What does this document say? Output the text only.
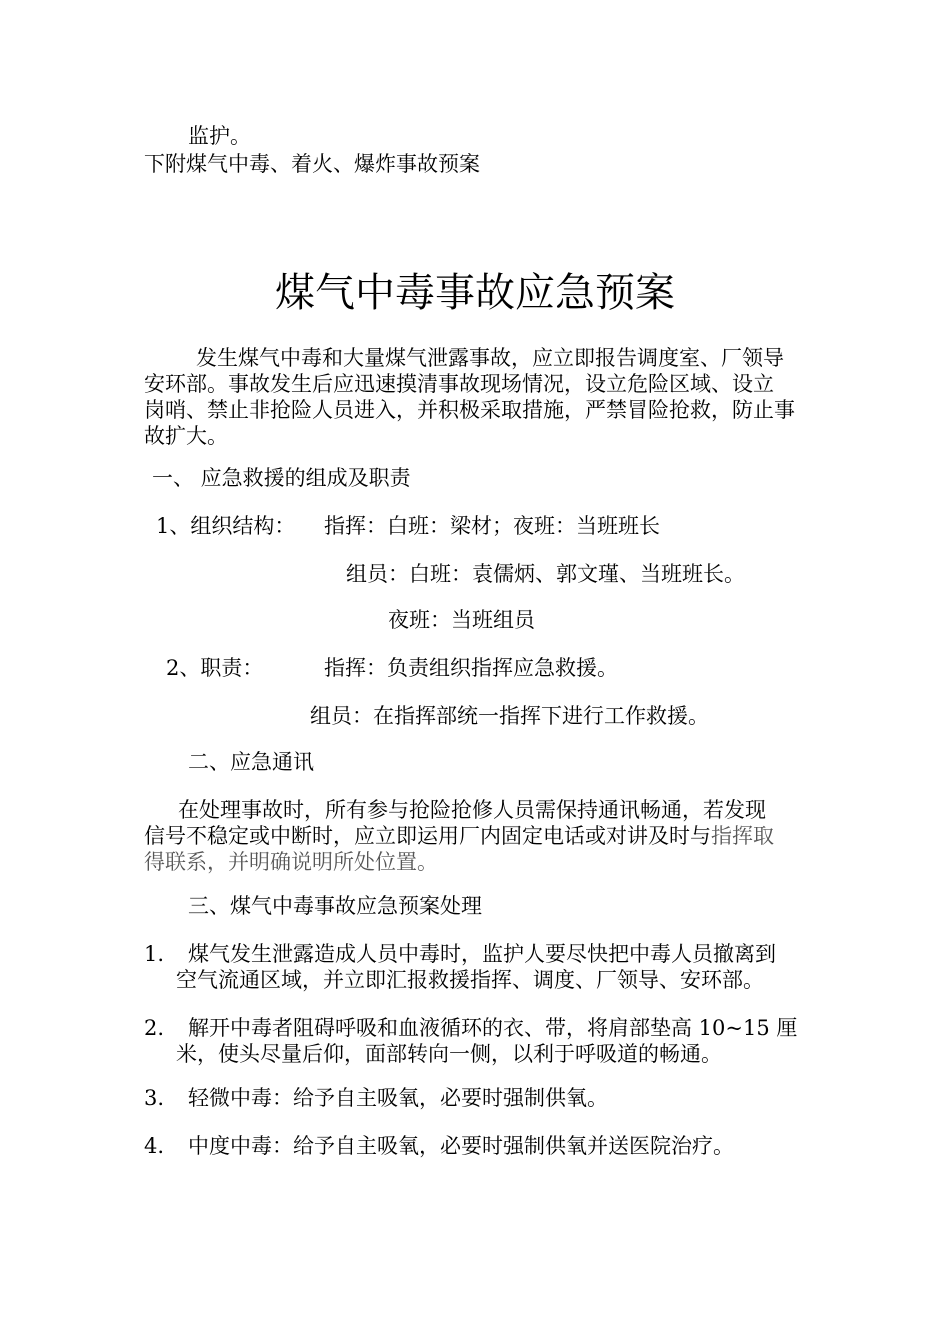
监护。
下附煤气中毒、着火、爆炸事故预案
煤气中毒事故应急预案
发生煤气中毒和大量煤气泄露事故，应立即报告调度室、厂领导
安环部。事故发生后应迅速摸清事故现场情况，设立危险区域、设立
岗哨、禁止非抢险人员进入，并积极采取措施，严禁冒险抢救，防止事
故扩大。
一、 应急救援的组成及职责
1、组织结构： 指挥：白班：梁材；夜班：当班班长
组员：白班：袁儒炳、郭文瑾、当班班长。
夜班：当班组员
2、职责：	指挥：负责组织指挥应急救援。
组员：在指挥部统一指挥下进行工作救援。
二、应急通讯
在处理事故时，所有参与抢险抢修人员需保持通讯畅通，若发现
信号不稳定或中断时，应立即运用厂内固定电话或对讲及时与指挥取
得联系，并明确说明所处位置。
三、煤气中毒事故应急预案处理
1. 煤气发生泄露造成人员中毒时，监护人要尽快把中毒人员撤离到
空气流通区域，并立即汇报救援指挥、调度、厂领导、安环部。
2. 解开中毒者阻碍呼吸和血液循环的衣、带，将肩部垫高 10~15 厘
米，使头尽量后仰，面部转向一侧，以利于呼吸道的畅通。
3. 轻微中毒：给予自主吸氧，必要时强制供氧。
4. 中度中毒：给予自主吸氧，必要时强制供氧并送医院治疗。
